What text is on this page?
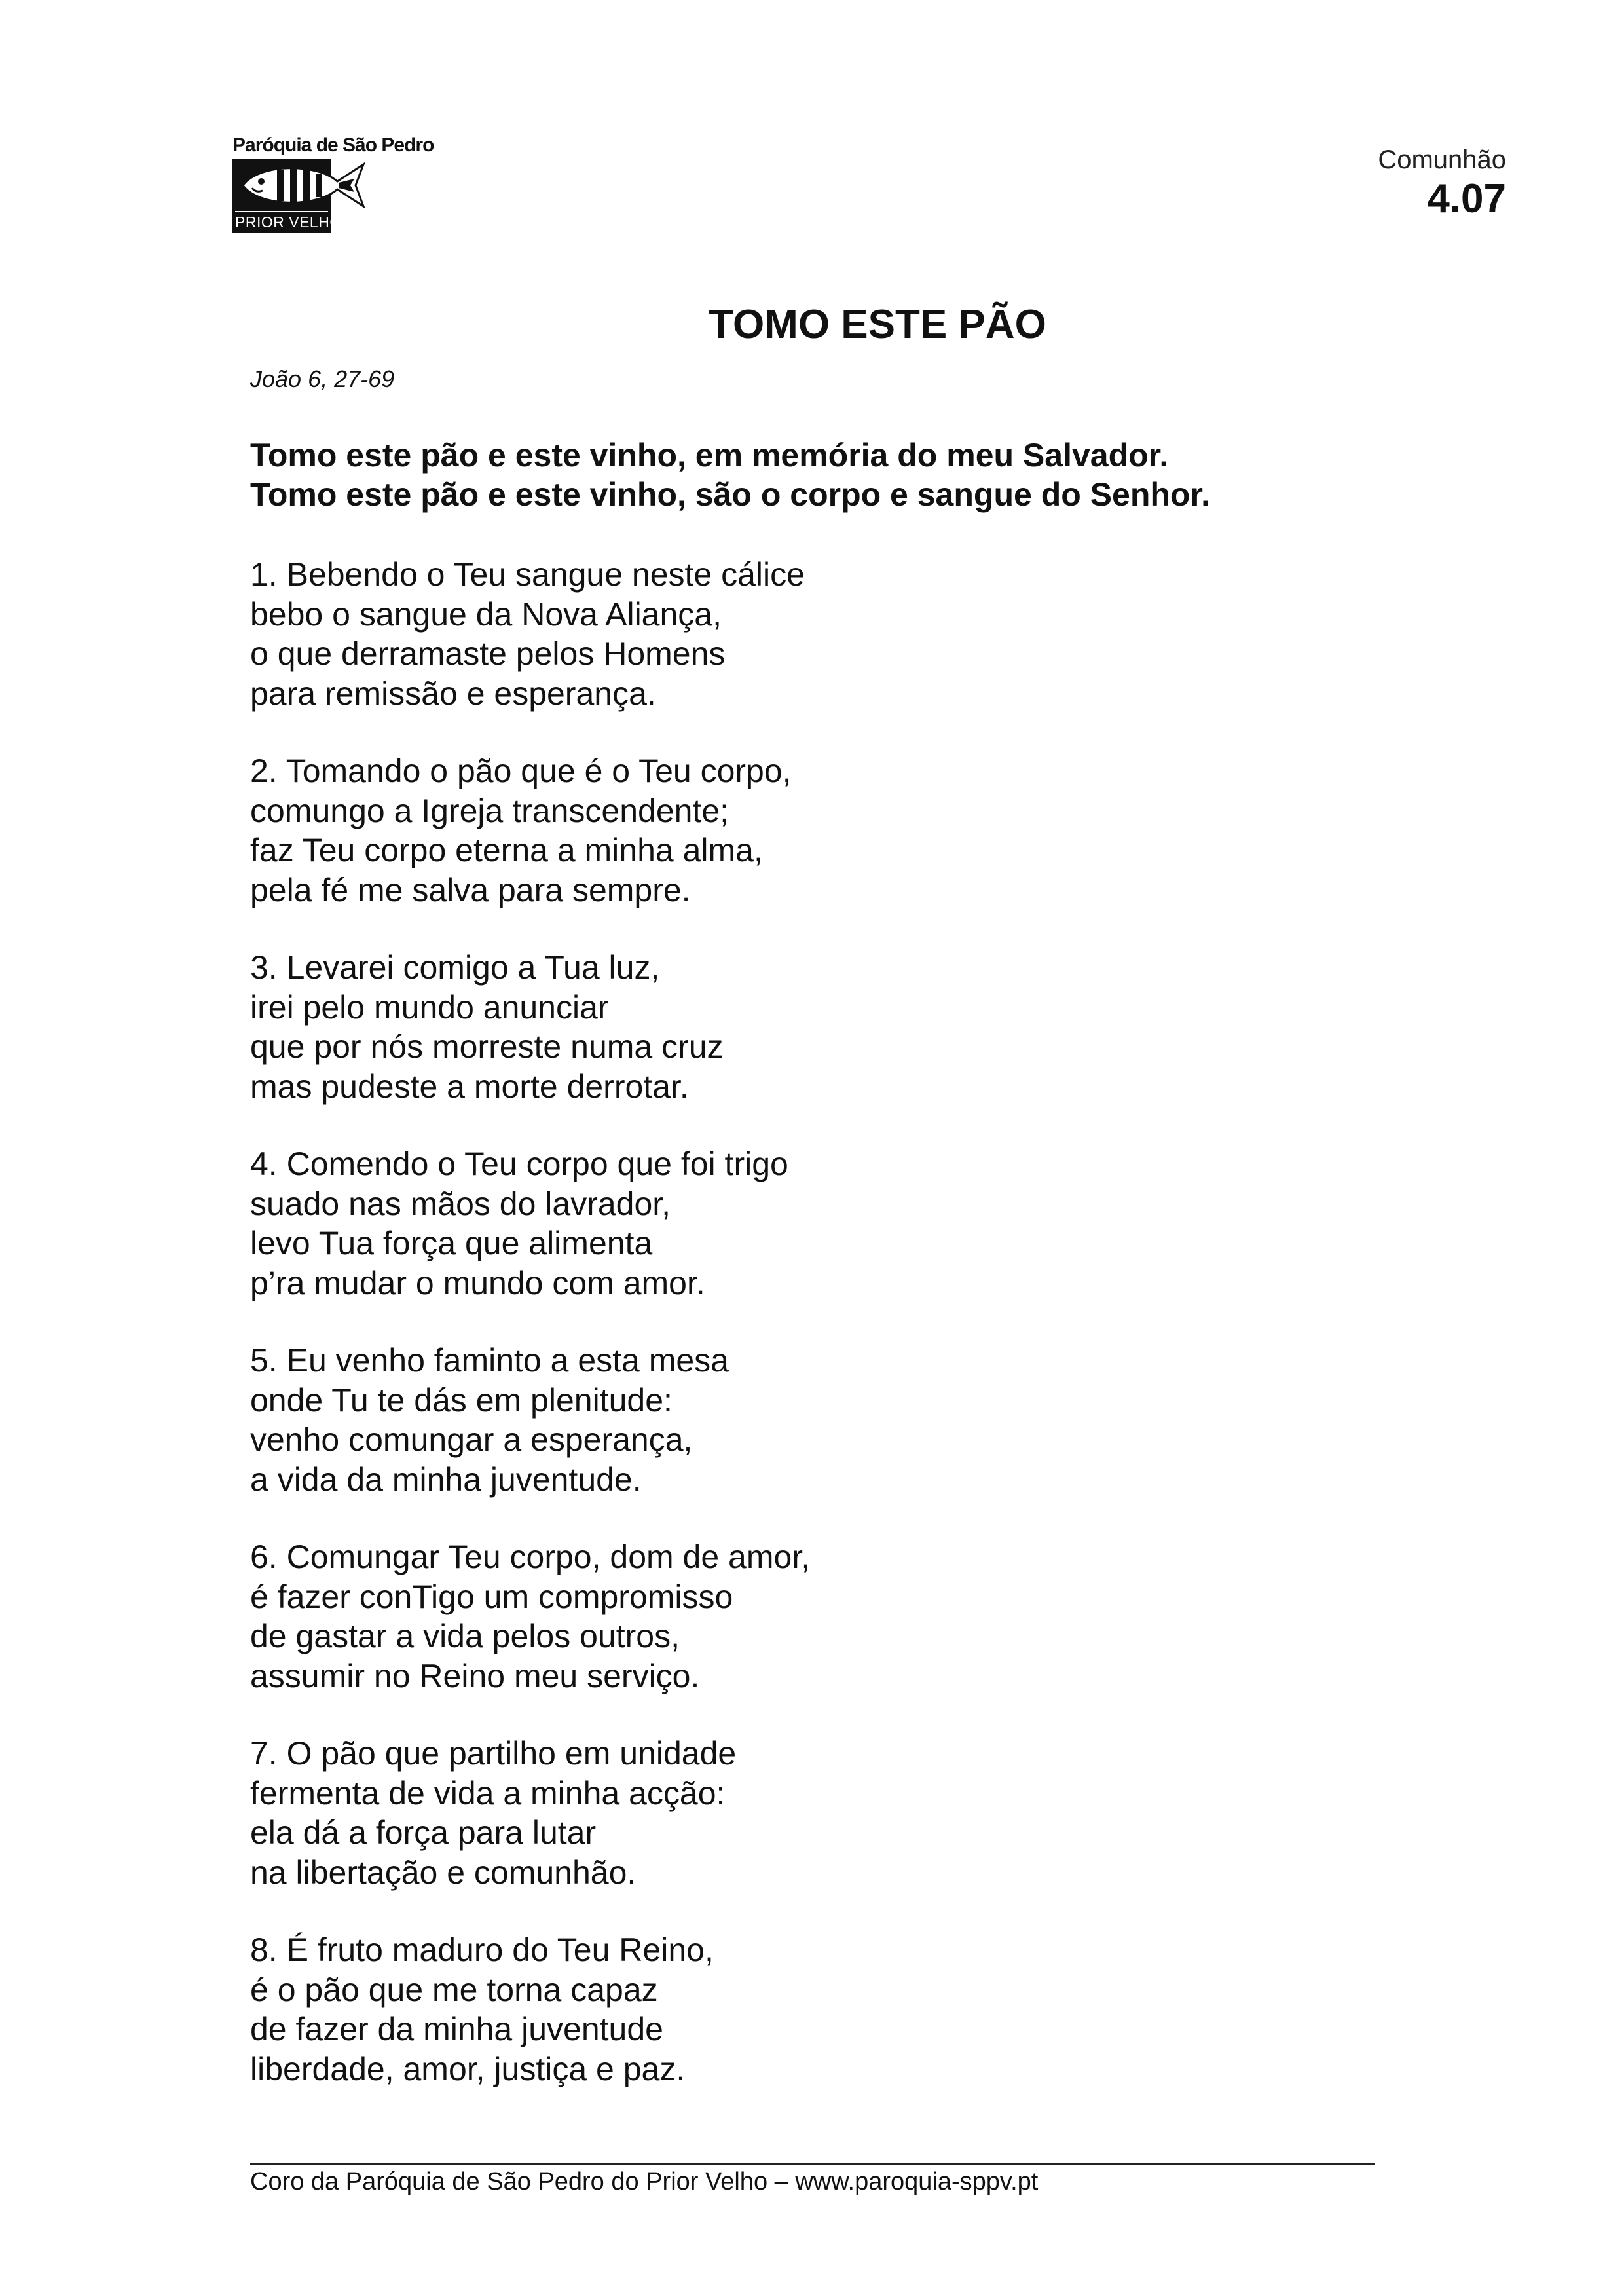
Paróquia de São Pedro
PRIOR VELHO
Comunhão
4.07
TOMO ESTE PÃO
João 6, 27-69
Tomo este pão e este vinho, em memória do meu Salvador.
Tomo este pão e este vinho, são o corpo e sangue do Senhor.
1. Bebendo o Teu sangue neste cálice
bebo o sangue da Nova Aliança,
o que derramaste pelos Homens
para remissão e esperança.
2. Tomando o pão que é o Teu corpo,
comungo a Igreja transcendente;
faz Teu corpo eterna a minha alma,
pela fé me salva para sempre.
3. Levarei comigo a Tua luz,
irei pelo mundo anunciar
que por nós morreste numa cruz
mas pudeste a morte derrotar.
4. Comendo o Teu corpo que foi trigo
suado nas mãos do lavrador,
levo Tua força que alimenta
p’ra mudar o mundo com amor.
5. Eu venho faminto a esta mesa
onde Tu te dás em plenitude:
venho comungar a esperança,
a vida da minha juventude.
6. Comungar Teu corpo, dom de amor,
é fazer conTigo um compromisso
de gastar a vida pelos outros,
assumir no Reino meu serviço.
7. O pão que partilho em unidade
fermenta de vida a minha acção:
ela dá a força para lutar
na libertação e comunhão.
8. É fruto maduro do Teu Reino,
é o pão que me torna capaz
de fazer da minha juventude
liberdade, amor, justiça e paz.
Coro da Paróquia de São Pedro do Prior Velho – www.paroquia-sppv.pt
